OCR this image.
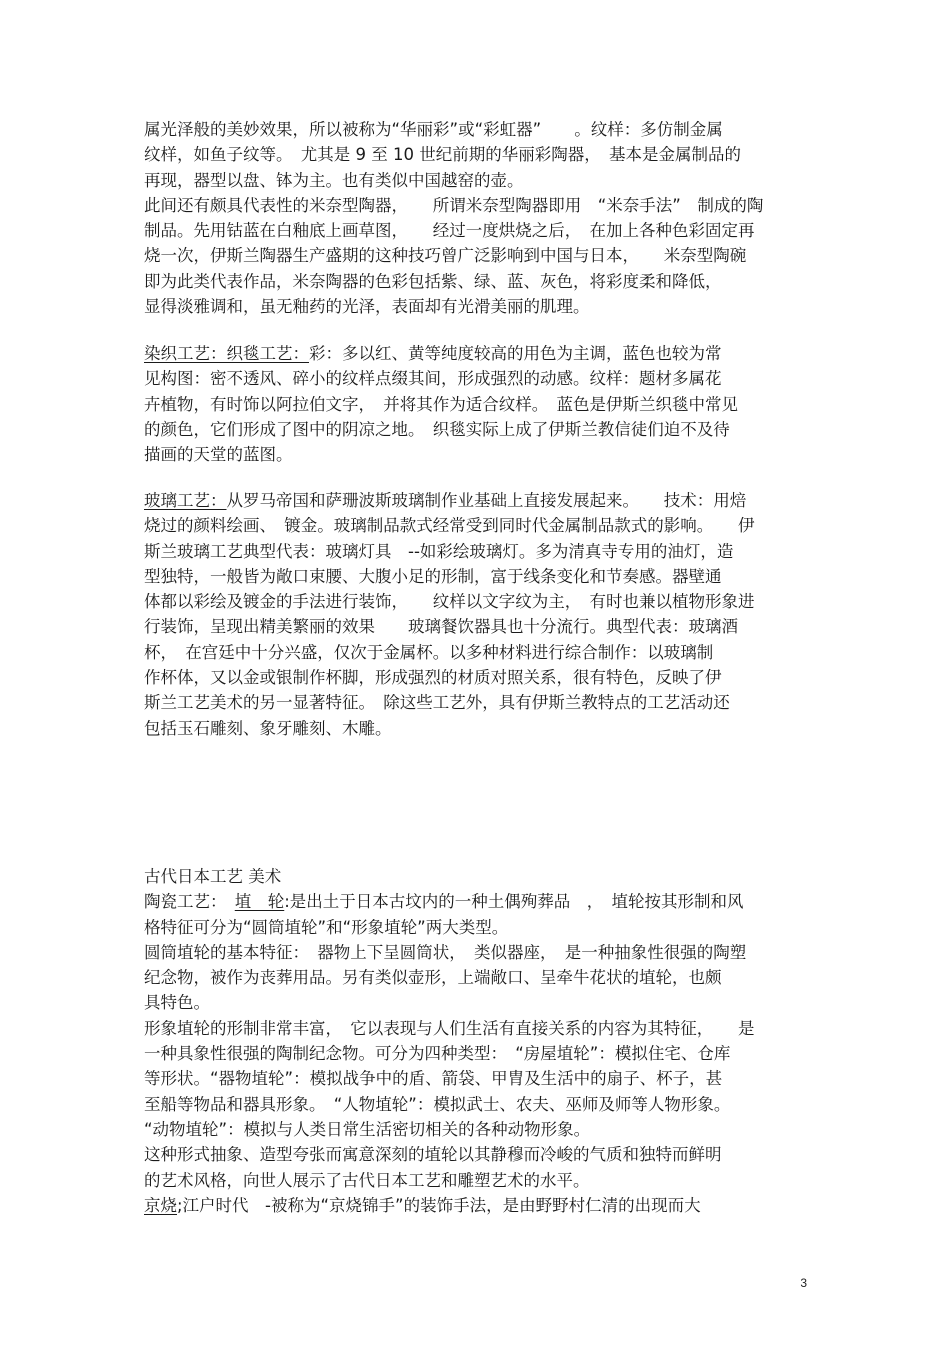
属光泽般的美妙效果，所以被称为“华丽彩”或“彩虹器”　　。纹样：多仿制金属
纹样，如鱼子纹等。　尤其是 9 至 10 世纪前期的华丽彩陶器，　基本是金属制品的
再现，器型以盘、钵为主。也有类似中国越窑的壶。
此间还有颇具代表性的米奈型陶器，　　所谓米奈型陶器即用　“米奈手法”　制成的陶
制品。先用钴蓝在白釉底上画草图，　　经过一度烘烧之后，　在加上各种色彩固定再
烧一次，伊斯兰陶器生产盛期的这种技巧曾广泛影响到中国与日本，　　米奈型陶碗
即为此类代表作品，米奈陶器的色彩包括紫、绿、蓝、灰色，将彩度柔和降低，
显得淡雅调和，虽无釉药的光泽，表面却有光滑美丽的肌理。
染织工艺：织毯工艺：彩：多以红、黄等纯度较高的用色为主调，蓝色也较为常
见构图：密不透风、碎小的纹样点缀其间，形成强烈的动感。纹样：题材多属花
卉植物，有时饰以阿拉伯文字，　并将其作为适合纹样。　蓝色是伊斯兰织毯中常见
的颜色，它们形成了图中的阴凉之地。　织毯实际上成了伊斯兰教信徒们迫不及待
描画的天堂的蓝图。
玻璃工艺：从罗马帝国和萨珊波斯玻璃制作业基础上直接发展起来。　　技术：用焙
烧过的颜料绘画、　镀金。玻璃制品款式经常受到同时代金属制品款式的影响。　　伊
斯兰玻璃工艺典型代表：玻璃灯具　--如彩绘玻璃灯。多为清真寺专用的油灯，造
型独特，一般皆为敞口束腰、大腹小足的形制，富于线条变化和节奏感。器壁通
体都以彩绘及镀金的手法进行装饰，　　纹样以文字纹为主，　有时也兼以植物形象进
行装饰，呈现出精美繁丽的效果　　玻璃餐饮器具也十分流行。典型代表：玻璃酒
杯，　在宫廷中十分兴盛，仅次于金属杯。以多种材料进行综合制作：以玻璃制
作杯体，又以金或银制作杯脚，形成强烈的材质对照关系，很有特色，反映了伊
斯兰工艺美术的另一显著特征。　除这些工艺外，具有伊斯兰教特点的工艺活动还
包括玉石雕刻、象牙雕刻、木雕。
古代日本工艺 美术
陶瓷工艺：　埴　轮:是出土于日本古坟内的一种土偶殉葬品　，　埴轮按其形制和风
格特征可分为“圆筒埴轮”和“形象埴轮”两大类型。
圆筒埴轮的基本特征：　器物上下呈圆筒状，　类似器座，　是一种抽象性很强的陶塑
纪念物，被作为丧葬用品。另有类似壶形，上端敞口、呈牵牛花状的埴轮，也颇
具特色。
形象埴轮的形制非常丰富，　它以表现与人们生活有直接关系的内容为其特征，　　是
一种具象性很强的陶制纪念物。可分为四种类型：　“房屋埴轮”：模拟住宅、仓库
等形状。“器物埴轮”：模拟战争中的盾、箭袋、甲胄及生活中的扇子、杯子，甚
至船等物品和器具形象。　“人物埴轮”：模拟武士、农夫、巫师及师等人物形象。
“动物埴轮”：模拟与人类日常生活密切相关的各种动物形象。
这种形式抽象、造型夸张而寓意深刻的埴轮以其静穆而冷峻的气质和独特而鲜明
的艺术风格，向世人展示了古代日本工艺和雕塑艺术的水平。
京烧;江户时代　-被称为“京烧锦手”的装饰手法，是由野野村仁清的出现而大
3
